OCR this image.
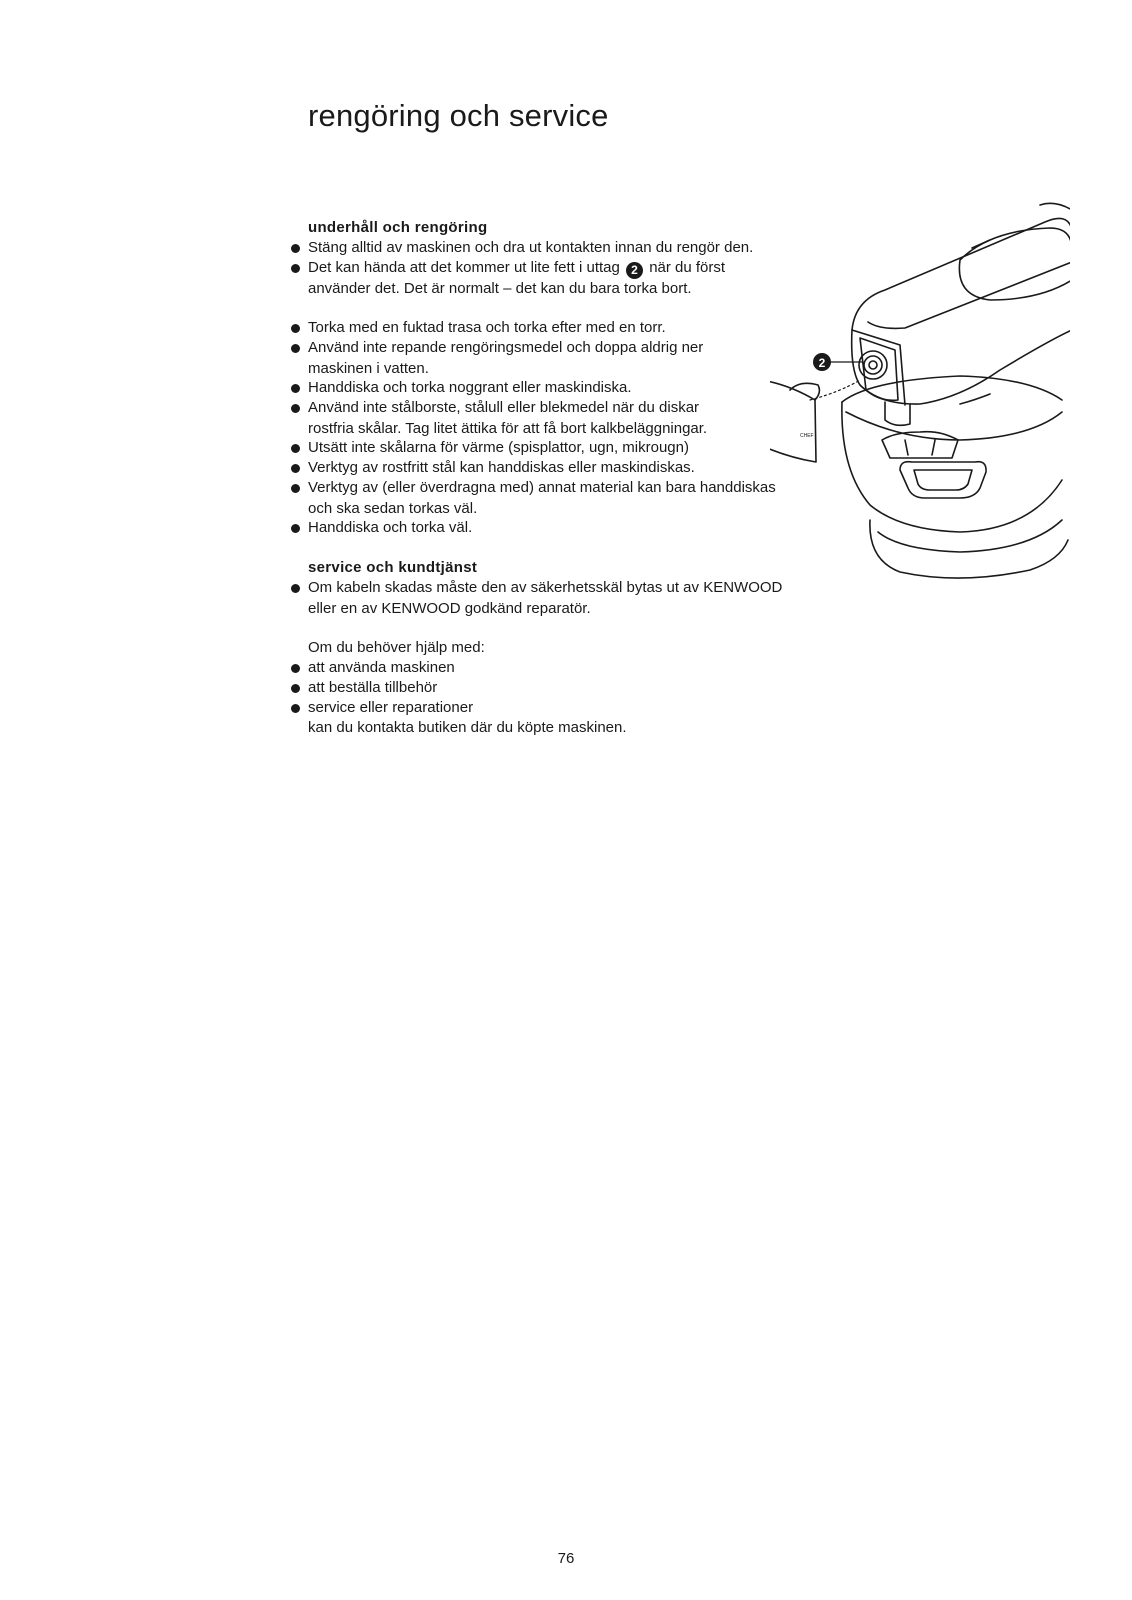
rengöring och service
underhåll och rengöring
Stäng alltid av maskinen och dra ut kontakten innan du rengör den.
Det kan hända att det kommer ut lite fett i uttag 2 när du först
använder det. Det är normalt – det kan du bara torka bort.
Torka med en fuktad trasa och torka efter med en torr.
Använd inte repande rengöringsmedel och doppa aldrig ner
maskinen i vatten.
Handdiska och torka noggrant eller maskindiska.
Använd inte stålborste, stålull eller blekmedel när du diskar
rostfria skålar. Tag litet ättika för att få bort kalkbeläggningar.
Utsätt inte skålarna för värme (spisplattor, ugn, mikrougn)
Verktyg av rostfritt stål kan handdiskas eller maskindiskas.
Verktyg av (eller överdragna med) annat material kan bara handdiskas
och ska sedan torkas väl.
Handdiska och torka väl.
service och kundtjänst
Om kabeln skadas måste den av säkerhetsskäl bytas ut av KENWOOD
eller en av KENWOOD godkänd reparatör.
Om du behöver hjälp med:
att använda maskinen
att beställa tillbehör
service eller reparationer
kan du kontakta butiken där du köpte maskinen.
2
CHEF
76
